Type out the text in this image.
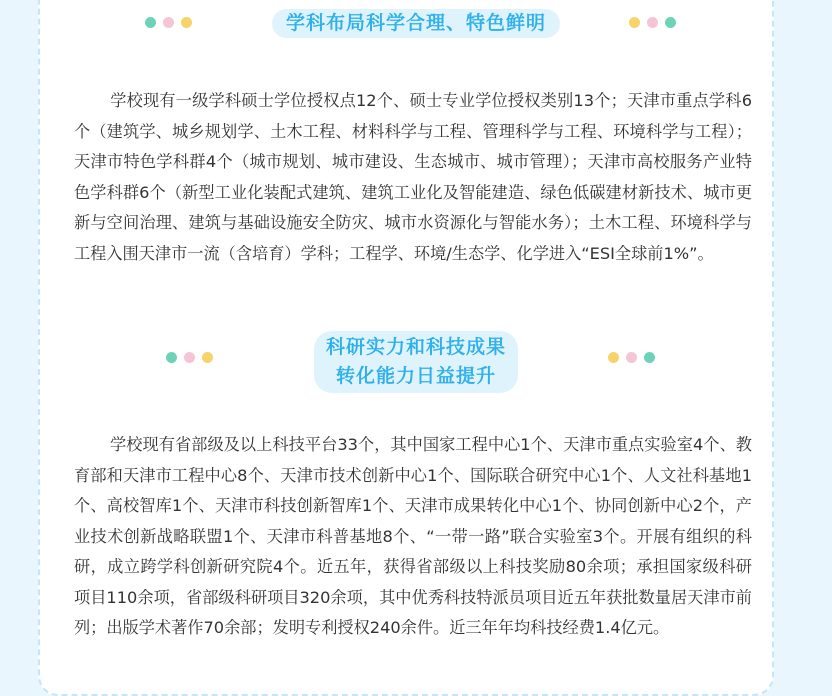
学科布局科学合理、特色鲜明

学校现有一级学科硕士学位授权点12个、硕士专业学位授权类别13个；天津市重点学科6个（建筑学、城乡规划学、土木工程、材料科学与工程、管理科学与工程、环境科学与工程）；天津市特色学科群4个（城市规划、城市建设、生态城市、城市管理）；天津市高校服务产业特色学科群6个（新型工业化装配式建筑、建筑工业化及智能建造、绿色低碳建材新技术、城市更新与空间治理、建筑与基础设施安全防灾、城市水资源化与智能水务）；土木工程、环境科学与工程入围天津市一流（含培育）学科；工程学、环境/生态学、化学进入“ESI全球前1%”。

科研实力和科技成果
转化能力日益提升

学校现有省部级及以上科技平台33个，其中国家工程中心1个、天津市重点实验室4个、教育部和天津市工程中心8个、天津市技术创新中心1个、国际联合研究中心1个、人文社科基地1个、高校智库1个、天津市科技创新智库1个、天津市成果转化中心1个、协同创新中心2个，产业技术创新战略联盟1个、天津市科普基地8个、“一带一路”联合实验室3个。开展有组织的科研，成立跨学科创新研究院4个。近五年，获得省部级以上科技奖励80余项；承担国家级科研项目110余项，省部级科研项目320余项，其中优秀科技特派员项目近五年获批数量居天津市前列；出版学术著作70余部；发明专利授权240余件。近三年年均科技经费1.4亿元。
